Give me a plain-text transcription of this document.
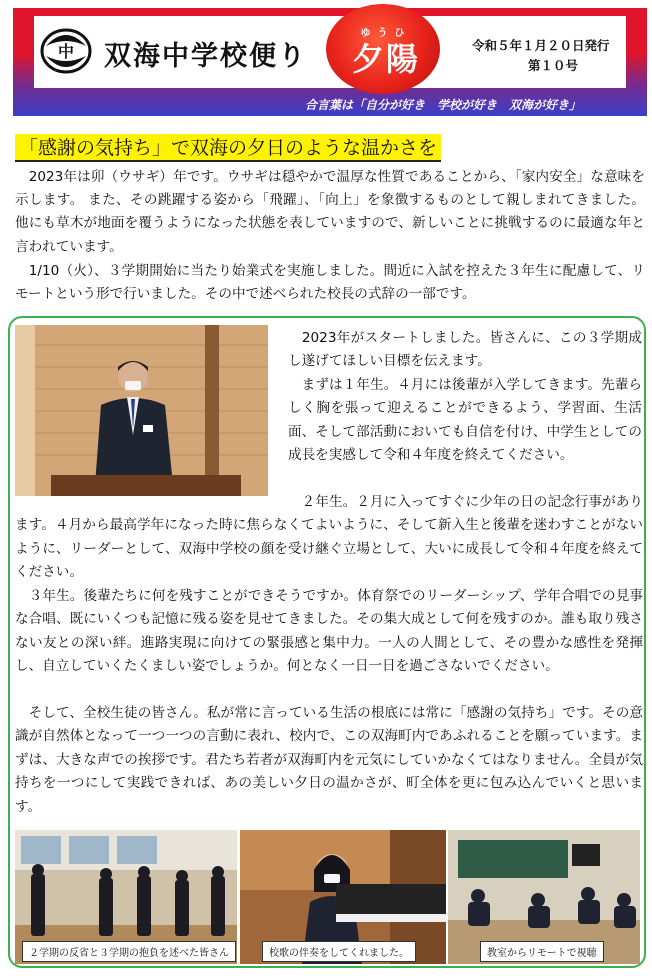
中 双海中学校便り
ゆうひ
夕陽	令和５年１月２０日発行
第１０号
合言葉は「自分が好き　学校が好き　双海が好き」
「感謝の気持ち」で双海の夕日のような温かさを
　2023年は卯（ウサギ）年です。ウサギは穏やかで温厚な性質であることから、「家内安全」な意味を示します。 また、その跳躍する姿から「飛躍」、「向上」を象徴するものとして親しまれてきました。 他にも草木が地面を覆うようになった状態を表していますので、新しいことに挑戦するのに最適な年と言われています。
　1/10（火）、３学期開始に当たり始業式を実施しました。間近に入試を控えた３年生に配慮して、リモートという形で行いました。その中で述べられた校長の式辞の一部です。
　2023年がスタートしました。皆さんに、この３学期成し遂げてほしい目標を伝えます。
　まずは１年生。４月には後輩が入学してきます。先輩らしく胸を張って迎えることができるよう、学習面、生活面、そして部活動においても自信を付け、中学生としての成長を実感して令和４年度を終えてください。
　２年生。２月に入ってすぐに少年の日の記念行事があります。４月から最高学年になった時に焦らなくてよいように、そして新入生と後輩を迷わすことがないように、リーダーとして、双海中学校の顔を受け継ぐ立場として、大いに成長して令和４年度を終えてください。
　３年生。後輩たちに何を残すことができそうですか。体育祭でのリーダーシップ、学年合唱での見事な合唱、既にいくつも記憶に残る姿を見せてきました。その集大成として何を残すのか。誰も取り残さない友との深い絆。進路実現に向けての緊張感と集中力。一人の人間として、その豊かな感性を発揮し、自立していくたくましい姿でしょうか。何となく一日一日を過ごさないでください。
　そして、全校生徒の皆さん。私が常に言っている生活の根底には常に「感謝の気持ち」です。その意識が自然体となって一つ一つの言動に表れ、校内で、この双海町内であふれることを願っています。まずは、大きな声での挨拶です。君たち若者が双海町内を元気にしていかなくてはなりません。全員が気持ちを一つにして実践できれば、あの美しい夕日の温かさが、町全体を更に包み込んでいくと思います。
２学期の反省と３学期の抱負を述べた皆さん	校歌の伴奏をしてくれました。	教室からリモートで視聴
